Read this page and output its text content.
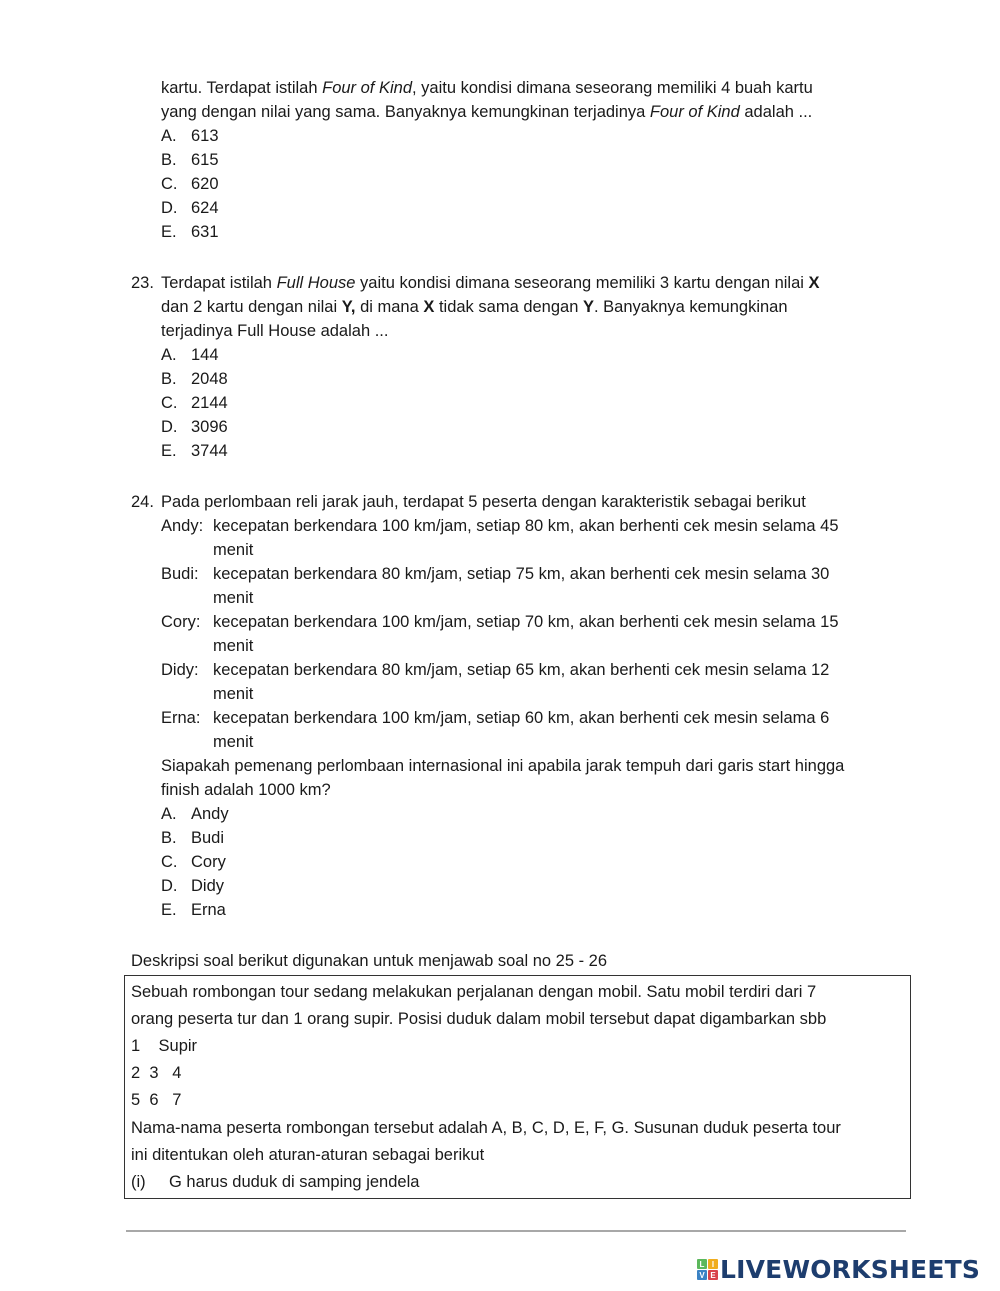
kartu. Terdapat istilah Four of Kind, yaitu kondisi dimana seseorang memiliki 4 buah kartu
yang dengan nilai yang sama. Banyaknya kemungkinan terjadinya Four of Kind adalah ...
A. 613
B. 615
C. 620
D. 624
E. 631
23. Terdapat istilah Full House yaitu kondisi dimana seseorang memiliki 3 kartu dengan nilai X
dan 2 kartu dengan nilai Y, di mana X tidak sama dengan Y. Banyaknya kemungkinan
terjadinya Full House adalah ...
A. 144
B. 2048
C. 2144
D. 3096
E. 3744
24. Pada perlombaan reli jarak jauh, terdapat 5 peserta dengan karakteristik sebagai berikut
Andy: kecepatan berkendara 100 km/jam, setiap 80 km, akan berhenti cek mesin selama 45
menit
Budi: kecepatan berkendara 80 km/jam, setiap 75 km, akan berhenti cek mesin selama 30
menit
Cory: kecepatan berkendara 100 km/jam, setiap 70 km, akan berhenti cek mesin selama 15
menit
Didy: kecepatan berkendara 80 km/jam, setiap 65 km, akan berhenti cek mesin selama 12
menit
Erna: kecepatan berkendara 100 km/jam, setiap 60 km, akan berhenti cek mesin selama 6
menit
Siapakah pemenang perlombaan internasional ini apabila jarak tempuh dari garis start hingga
finish adalah 1000 km?
A. Andy
B. Budi
C. Cory
D. Didy
E. Erna
Deskripsi soal berikut digunakan untuk menjawab soal no 25 - 26
Sebuah rombongan tour sedang melakukan perjalanan dengan mobil. Satu mobil terdiri dari 7
orang peserta tur dan 1 orang supir. Posisi duduk dalam mobil tersebut dapat digambarkan sbb
1    Supir
2  3   4
5  6   7
Nama-nama peserta rombongan tersebut adalah A, B, C, D, E, F, G. Susunan duduk peserta tour
ini ditentukan oleh aturan-aturan sebagai berikut
(i) G harus duduk di samping jendela
L I
V E LIVEWORKSHEETS
